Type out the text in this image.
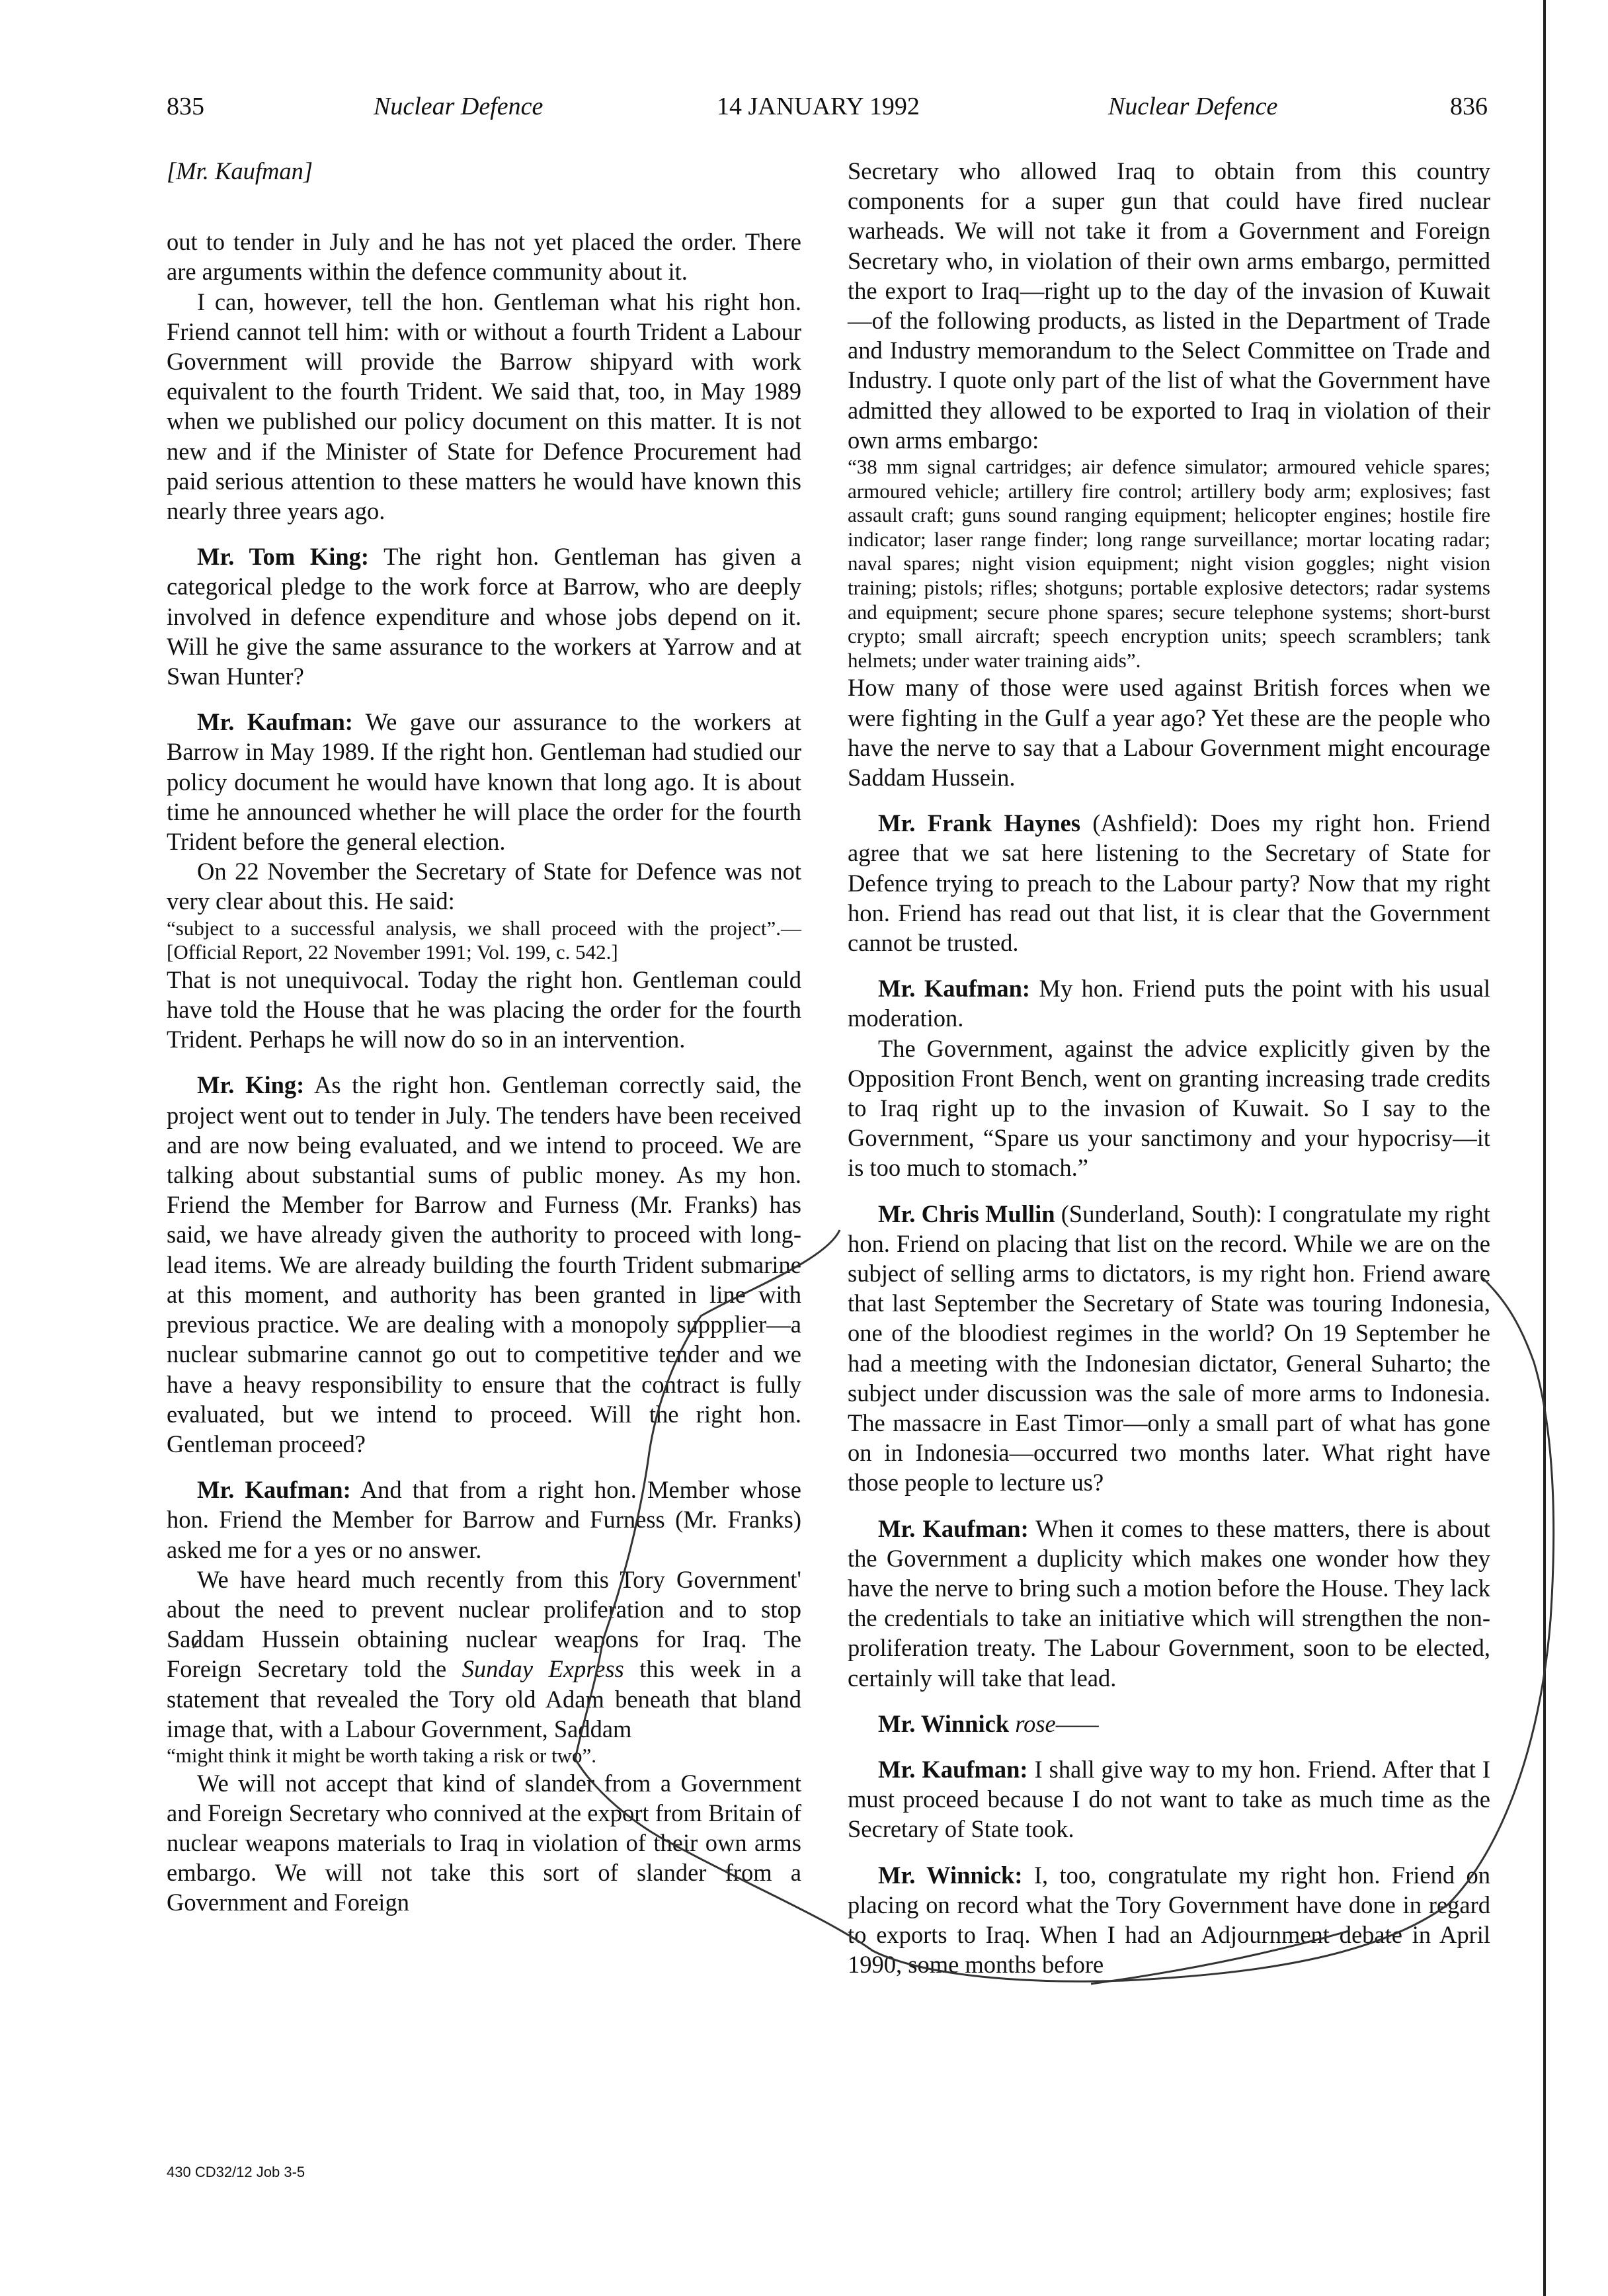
835	Nuclear Defence	14 JANUARY 1992	Nuclear Defence	836

[Mr. Kaufman]

out to tender in July and he has not yet placed the order. There are arguments within the defence community about it.

I can, however, tell the hon. Gentleman what his right hon. Friend cannot tell him: with or without a fourth Trident a Labour Government will provide the Barrow shipyard with work equivalent to the fourth Trident. We said that, too, in May 1989 when we published our policy document on this matter. It is not new and if the Minister of State for Defence Procurement had paid serious attention to these matters he would have known this nearly three years ago.

Mr. Tom King: The right hon. Gentleman has given a categorical pledge to the work force at Barrow, who are deeply involved in defence expenditure and whose jobs depend on it. Will he give the same assurance to the workers at Yarrow and at Swan Hunter?

Mr. Kaufman: We gave our assurance to the workers at Barrow in May 1989. If the right hon. Gentleman had studied our policy document he would have known that long ago. It is about time he announced whether he will place the order for the fourth Trident before the general election.

On 22 November the Secretary of State for Defence was not very clear about this. He said:

“subject to a successful analysis, we shall proceed with the project”.—[Official Report, 22 November 1991; Vol. 199, c. 542.]

That is not unequivocal. Today the right hon. Gentleman could have told the House that he was placing the order for the fourth Trident. Perhaps he will now do so in an intervention.

Mr. King: As the right hon. Gentleman correctly said, the project went out to tender in July. The tenders have been received and are now being evaluated, and we intend to proceed. We are talking about substantial sums of public money. As my hon. Friend the Member for Barrow and Furness (Mr. Franks) has said, we have already given the authority to proceed with long-lead items. We are already building the fourth Trident submarine at this moment, and authority has been granted in line with previous practice. We are dealing with a monopoly suppplier—a nuclear submarine cannot go out to competitive tender and we have a heavy responsibility to ensure that the contract is fully evaluated, but we intend to proceed. Will the right hon. Gentleman proceed?

Mr. Kaufman: And that from a right hon. Member whose hon. Friend the Member for Barrow and Furness (Mr. Franks) asked me for a yes or no answer.

We have heard much recently from this Tory Government' about the need to prevent nuclear proliferation and to stop Saddam Hussein obtaining nuclear weapons for Iraq. The Foreign Secretary told the Sunday Express this week in a statement that revealed the Tory old Adam beneath that bland image that, with a Labour Government, Saddam

“might think it might be worth taking a risk or two”.

We will not accept that kind of slander from a Government and Foreign Secretary who connived at the export from Britain of nuclear weapons materials to Iraq in violation of their own arms embargo. We will not take this sort of slander from a Government and Foreign

Secretary who allowed Iraq to obtain from this country components for a super gun that could have fired nuclear warheads. We will not take it from a Government and Foreign Secretary who, in violation of their own arms embargo, permitted the export to Iraq—right up to the day of the invasion of Kuwait—of the following products, as listed in the Department of Trade and Industry memorandum to the Select Committee on Trade and Industry. I quote only part of the list of what the Government have admitted they allowed to be exported to Iraq in violation of their own arms embargo:

“38 mm signal cartridges; air defence simulator; armoured vehicle spares; armoured vehicle; artillery fire control; artillery body arm; explosives; fast assault craft; guns sound ranging equipment; helicopter engines; hostile fire indicator; laser range finder; long range surveillance; mortar locating radar; naval spares; night vision equipment; night vision goggles; night vision training; pistols; rifles; shotguns; portable explosive detectors; radar systems and equipment; secure phone spares; secure telephone systems; short-burst crypto; small aircraft; speech encryption units; speech scramblers; tank helmets; under water training aids”.

How many of those were used against British forces when we were fighting in the Gulf a year ago? Yet these are the people who have the nerve to say that a Labour Government might encourage Saddam Hussein.

Mr. Frank Haynes (Ashfield): Does my right hon. Friend agree that we sat here listening to the Secretary of State for Defence trying to preach to the Labour party? Now that my right hon. Friend has read out that list, it is clear that the Government cannot be trusted.

Mr. Kaufman: My hon. Friend puts the point with his usual moderation.

The Government, against the advice explicitly given by the Opposition Front Bench, went on granting increasing trade credits to Iraq right up to the invasion of Kuwait. So I say to the Government, “Spare us your sanctimony and your hypocrisy—it is too much to stomach.”

Mr. Chris Mullin (Sunderland, South): I congratulate my right hon. Friend on placing that list on the record. While we are on the subject of selling arms to dictators, is my right hon. Friend aware that last September the Secretary of State was touring Indonesia, one of the bloodiest regimes in the world? On 19 September he had a meeting with the Indonesian dictator, General Suharto; the subject under discussion was the sale of more arms to Indonesia. The massacre in East Timor—only a small part of what has gone on in Indonesia—occurred two months later. What right have those people to lecture us?

Mr. Kaufman: When it comes to these matters, there is about the Government a duplicity which makes one wonder how they have the nerve to bring such a motion before the House. They lack the credentials to take an initiative which will strengthen the non-proliferation treaty. The Labour Government, soon to be elected, certainly will take that lead.

Mr. Winnick rose——

Mr. Kaufman: I shall give way to my hon. Friend. After that I must proceed because I do not want to take as much time as the Secretary of State took.

Mr. Winnick: I, too, congratulate my right hon. Friend on placing on record what the Tory Government have done in regard to exports to Iraq. When I had an Adjournment debate in April 1990, some months before

430 CD32/12 Job 3-5
